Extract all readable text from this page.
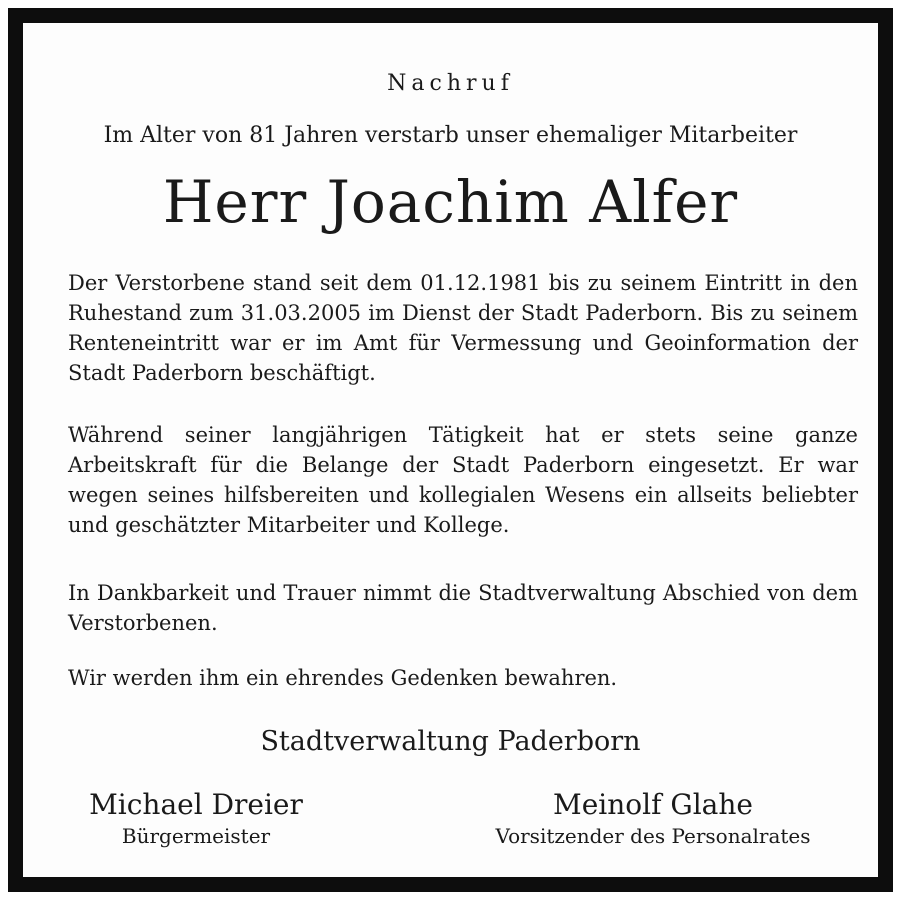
Nachruf

Im Alter von 81 Jahren verstarb unser ehemaliger Mitarbeiter

Herr Joachim Alfer

Der Verstorbene stand seit dem 01.12.1981 bis zu seinem Eintritt in den Ruhestand zum 31.03.2005 im Dienst der Stadt Paderborn. Bis zu seinem Renteneintritt war er im Amt für Vermessung und Geoinformation der Stadt Paderborn beschäftigt.

Während seiner langjährigen Tätigkeit hat er stets seine ganze Arbeitskraft für die Belange der Stadt Paderborn eingesetzt. Er war wegen seines hilfsbereiten und kollegialen Wesens ein allseits beliebter und geschätzter Mitarbeiter und Kollege.

In Dankbarkeit und Trauer nimmt die Stadtverwaltung Abschied von dem Verstorbenen.

Wir werden ihm ein ehrendes Gedenken bewahren.

Stadtverwaltung Paderborn

Michael Dreier
Bürgermeister
Meinolf Glahe
Vorsitzender des Personalrates
